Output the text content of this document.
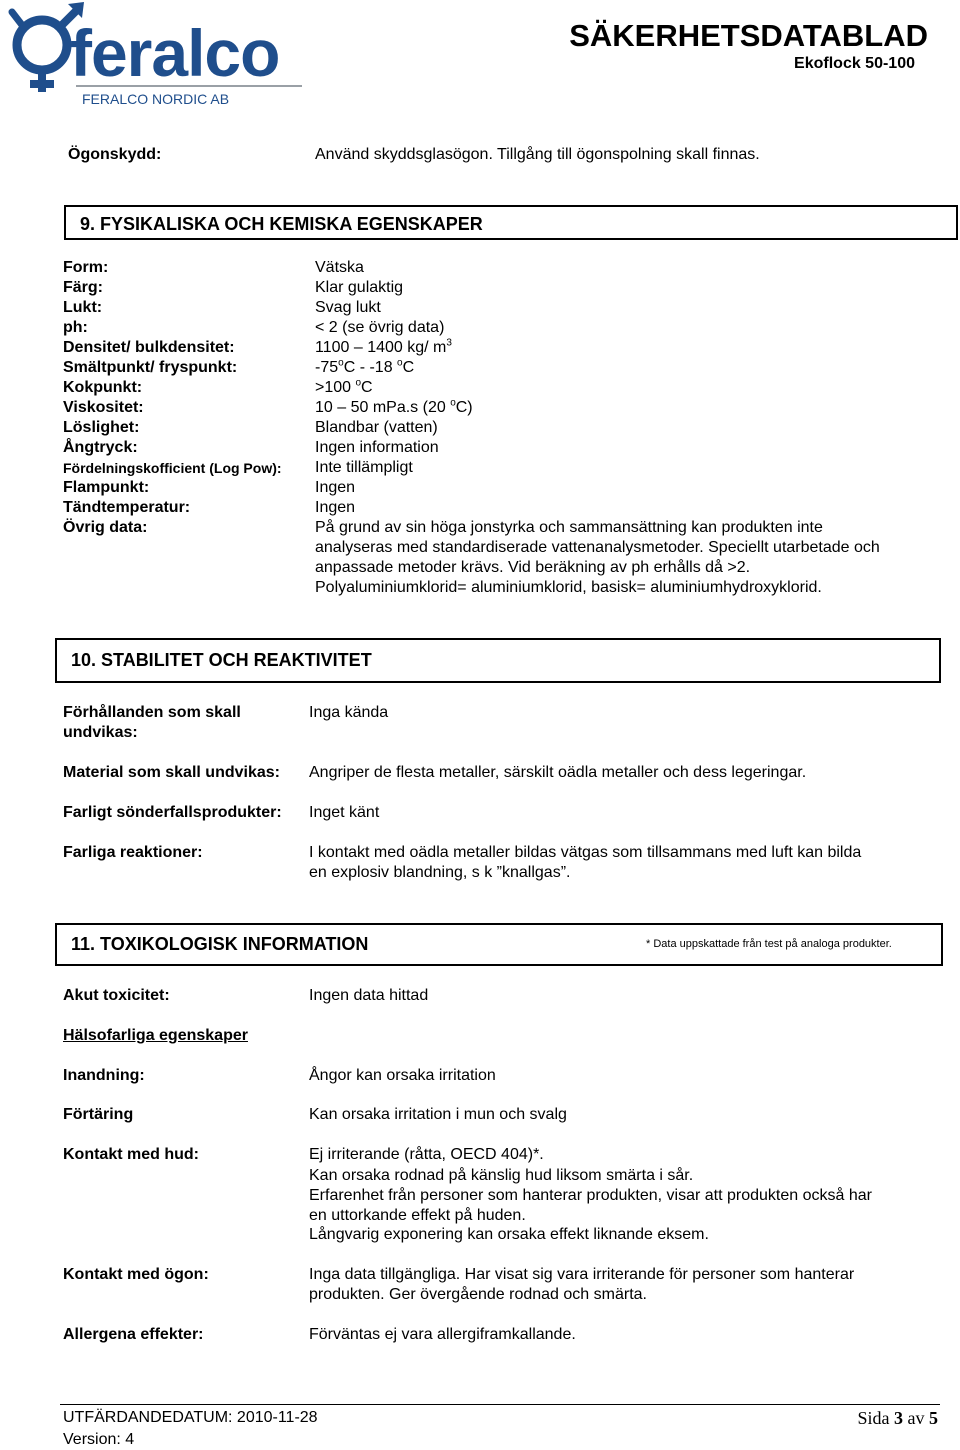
feralco
FERALCO NORDIC AB
SÄKERHETSDATABLAD
Ekoflock 50-100
Ögonskydd:	Använd skyddsglasögon. Tillgång till ögonspolning skall finnas.
9. FYSIKALISKA OCH KEMISKA EGENSKAPER
Form:	Vätska
Färg:	Klar gulaktig
Lukt:	Svag lukt
ph:	< 2 (se övrig data)
Densitet/ bulkdensitet:	1100 – 1400 kg/ $m^3$
Smältpunkt/ fryspunkt:	-75$^o$C - -18 $^o$C
Kokpunkt:	>100 $^o$C
Viskositet:	10 – 50 mPa.s (20 $^o$C)
Löslighet:	Blandbar (vatten)
Ångtryck:	Ingen information
Fördelningskofficient (Log Pow): Inte tillämpligt
Flampunkt:	Ingen
Tändtemperatur:	Ingen
Övrig data:	På grund av sin höga jonstyrka och sammansättning kan produkten inte
analyseras med standardiserade vattenanalysmetoder. Speciellt utarbetade och
anpassade metoder krävs. Vid beräkning av ph erhålls då >2.
Polyaluminiumklorid= aluminiumklorid, basisk= aluminiumhydroxyklorid.
10. STABILITET OCH REAKTIVITET
Förhållanden som skall
undvikas:
Inga kända
Material som skall undvikas: Angriper de flesta metaller, särskilt oädla metaller och dess legeringar.
Farligt sönderfallsprodukter: Inget känt
Farliga reaktioner:	I kontakt med oädla metaller bildas vätgas som tillsammans med luft kan bilda
en explosiv blandning, s k ”knallgas”.
11. TOXIKOLOGISK INFORMATION	* Data uppskattade från test på analoga produkter.
Akut toxicitet:	Ingen data hittad
Hälsofarliga egenskaper
Inandning:	Ångor kan orsaka irritation
Förtäring	Kan orsaka irritation i mun och svalg
Kontakt med hud:	Ej irriterande (råtta, OECD 404)*.
Kan orsaka rodnad på känslig hud liksom smärta i sår.
Erfarenhet från personer som hanterar produkten, visar att produkten också har
en uttorkande effekt på huden.
Långvarig exponering kan orsaka effekt liknande eksem.
Kontakt med ögon:	Inga data tillgängliga. Har visat sig vara irriterande för personer som hanterar
produkten. Ger övergående rodnad och smärta.
Allergena effekter:	Förväntas ej vara allergiframkallande.
UTFÄRDANDEDATUM: 2010-11-28
Version: 4
Sida 3 av 5
